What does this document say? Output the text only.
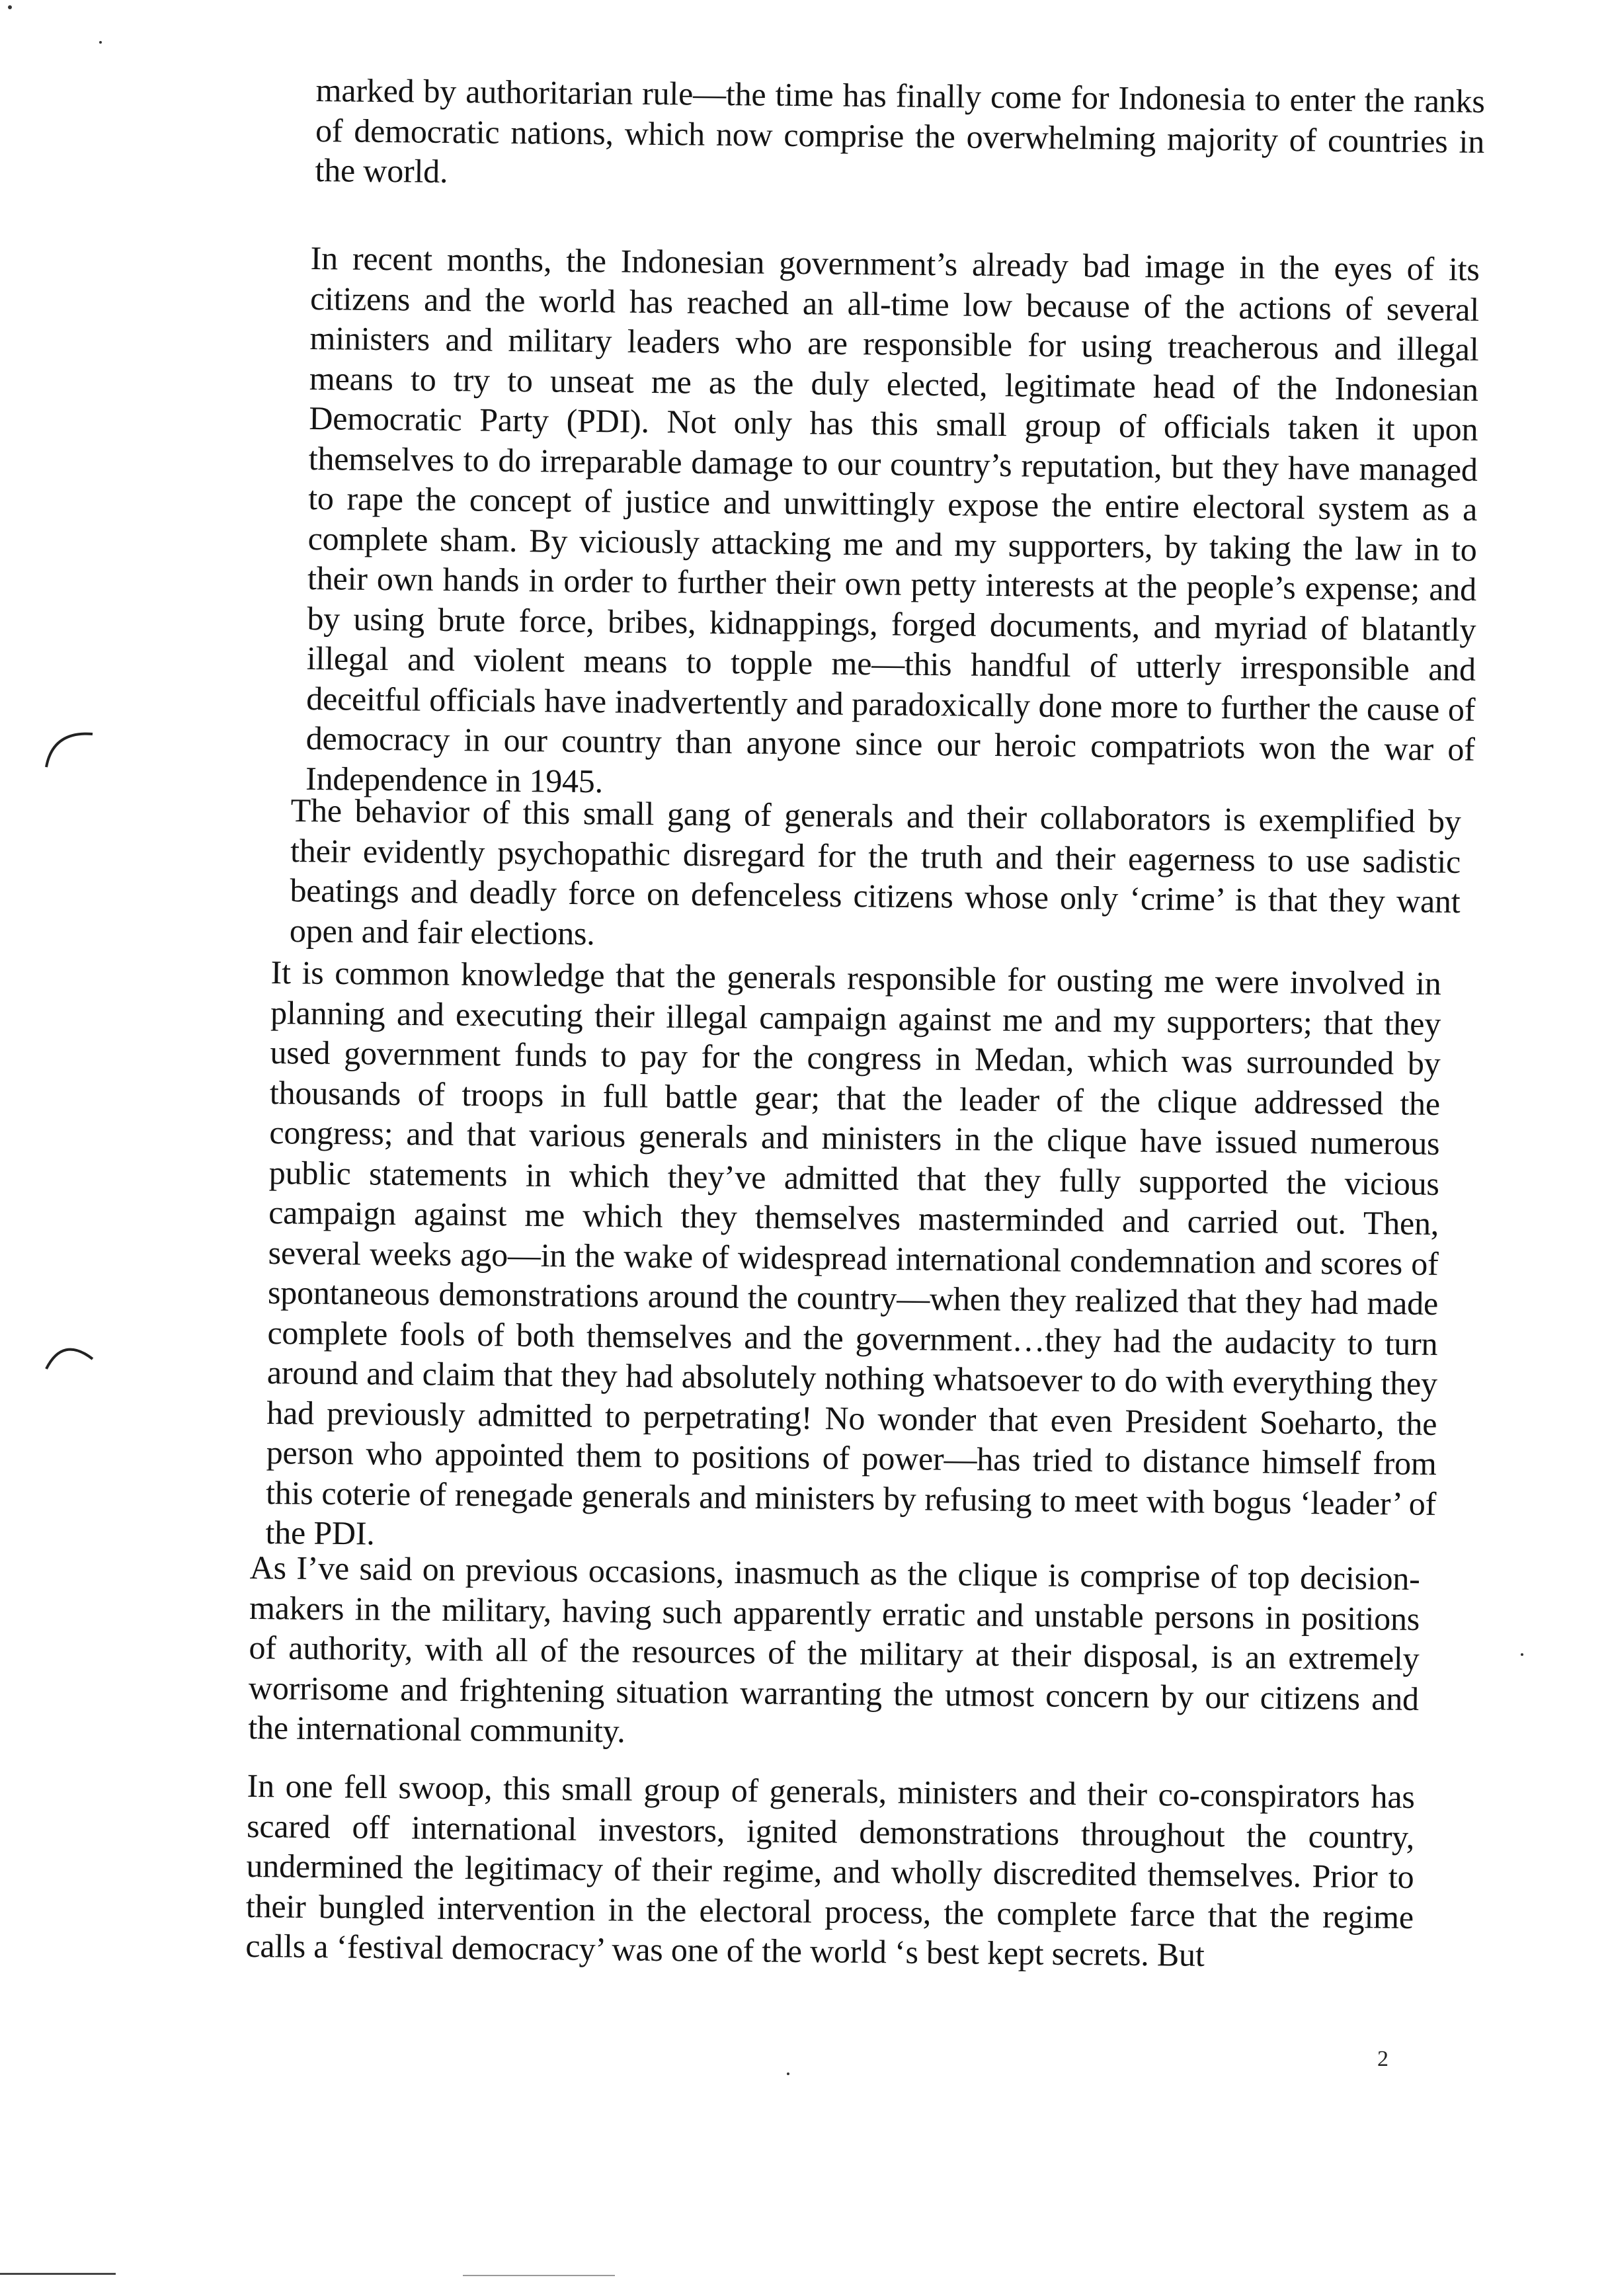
marked by authoritarian rule—the time has finally come for Indonesia to enter the ranks of democratic nations, which now comprise the overwhelming majority of countries in the world.

In recent months, the Indonesian government’s already bad image in the eyes of its citizens and the world has reached an all-time low because of the actions of several ministers and military leaders who are responsible for using treacherous and illegal means to try to unseat me as the duly elected, legitimate head of the Indonesian Democratic Party (PDI). Not only has this small group of officials taken it upon themselves to do irreparable damage to our country’s reputation, but they have managed to rape the concept of justice and unwittingly expose the entire electoral system as a complete sham. By viciously attacking me and my supporters, by taking the law in to their own hands in order to further their own petty interests at the people’s expense; and by using brute force, bribes, kidnappings, forged documents, and myriad of blatantly illegal and violent means to topple me—this handful of utterly irresponsible and deceitful officials have inadvertently and paradoxically done more to further the cause of democracy in our country than anyone since our heroic compatriots won the war of Independence in 1945.

The behavior of this small gang of generals and their collaborators is exemplified by their evidently psychopathic disregard for the truth and their eagerness to use sadistic beatings and deadly force on defenceless citizens whose only ‘crime’ is that they want open and fair elections.

It is common knowledge that the generals responsible for ousting me were involved in planning and executing their illegal campaign against me and my supporters; that they used government funds to pay for the congress in Medan, which was surrounded by thousands of troops in full battle gear; that the leader of the clique addressed the congress; and that various generals and ministers in the clique have issued numerous public statements in which they’ve admitted that they fully supported the vicious campaign against me which they themselves masterminded and carried out. Then, several weeks ago—in the wake of widespread international condemnation and scores of spontaneous demonstrations around the country—when they realized that they had made complete fools of both themselves and the government…they had the audacity to turn around and claim that they had absolutely nothing whatsoever to do with everything they had previously admitted to perpetrating! No wonder that even President Soeharto, the person who appointed them to positions of power—has tried to distance himself from this coterie of renegade generals and ministers by refusing to meet with bogus ‘leader’ of the PDI.

As I’ve said on previous occasions, inasmuch as the clique is comprise of top decision-makers in the military, having such apparently erratic and unstable persons in positions of authority, with all of the resources of the military at their disposal, is an extremely worrisome and frightening situation warranting the utmost concern by our citizens and the international community.

In one fell swoop, this small group of generals, ministers and their co-conspirators has scared off international investors, ignited demonstrations throughout the country, undermined the legitimacy of their regime, and wholly discredited themselves. Prior to their bungled intervention in the electoral process, the complete farce that the regime calls a ‘festival democracy’ was one of the world ‘s best kept secrets. But

2
